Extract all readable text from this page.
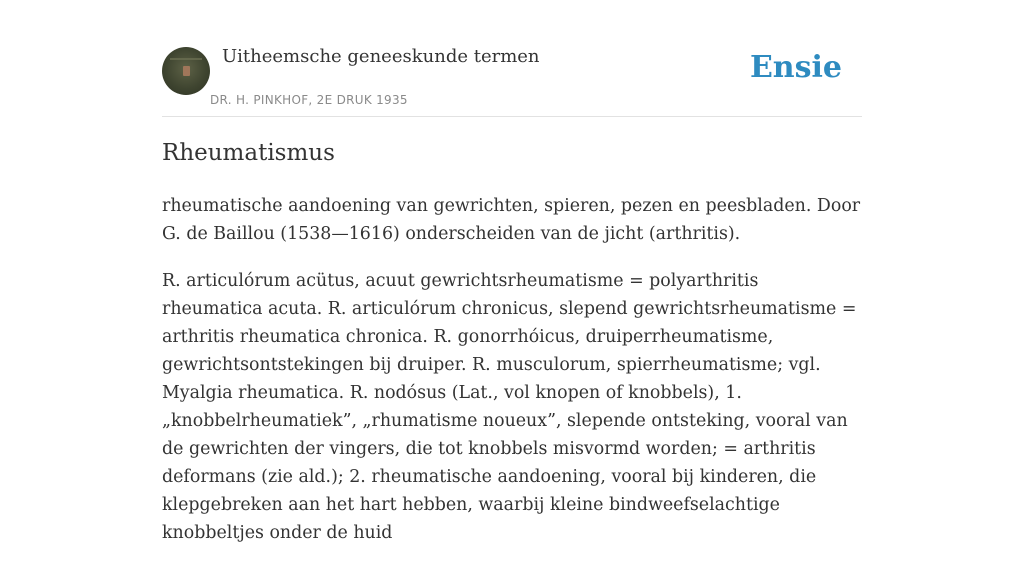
Uitheemsche geneeskunde termen
DR. H. PINKHOF, 2E DRUK 1935
Ensie
Rheumatismus

rheumatische aandoening van gewrichten, spieren, pezen en peesbladen. Door G. de Baillou (1538—1616) onderscheiden van de jicht (arthritis).

R. articulórum acütus, acuut gewrichtsrheumatisme = polyarthritis rheumatica acuta. R. articulórum chronicus, slepend gewrichtsrheumatisme = arthritis rheumatica chronica. R. gonorrhóicus, druiperrheumatisme, gewrichtsontstekingen bij druiper. R. musculorum, spierrheumatisme; vgl. Myalgia rheumatica. R. nodósus (Lat., vol knopen of knobbels), 1. „knobbelrheumatiek”, „rhumatisme noueux”, slepende ontsteking, vooral van de gewrichten der vingers, die tot knobbels misvormd worden; = arthritis deformans (zie ald.); 2. rheumatische aandoening, vooral bij kinderen, die klepgebreken aan het hart hebben, waarbij kleine bindweefselachtige knobbeltjes onder de huid
